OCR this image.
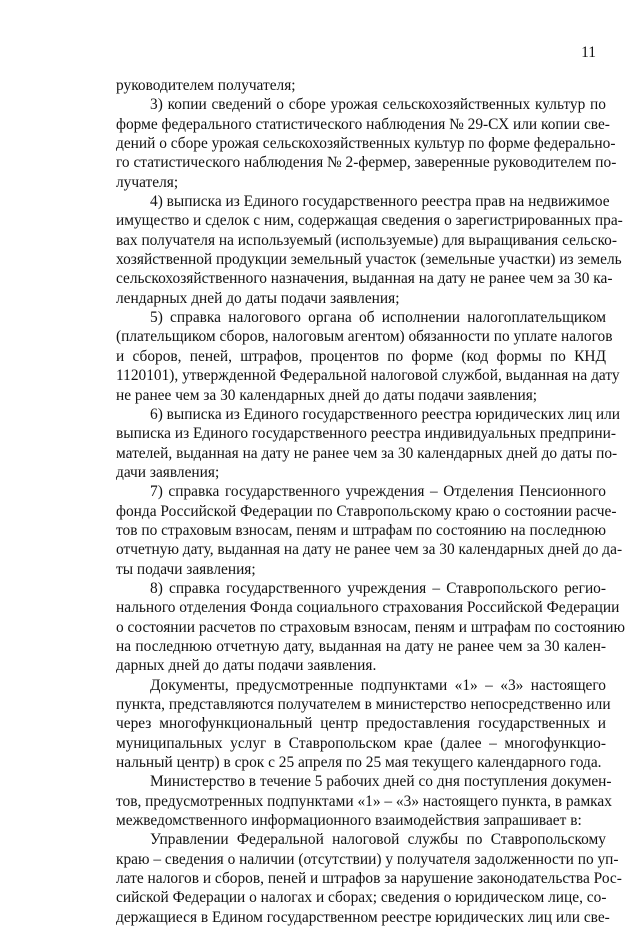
11
руководителем получателя;
3) копии сведений о сборе урожая сельскохозяйственных культур по
форме федерального статистического наблюдения № 29-СХ или копии све-
дений о сборе урожая сельскохозяйственных культур по форме федерально-
го статистического наблюдения № 2-фермер, заверенные руководителем по-
лучателя;
4) выписка из Единого государственного реестра прав на недвижимое
имущество и сделок с ним, содержащая сведения о зарегистрированных пра-
вах получателя на используемый (используемые) для выращивания сельско-
хозяйственной продукции земельный участок (земельные участки) из земель
сельскохозяйственного назначения, выданная на дату не ранее чем за 30 ка-
лендарных дней до даты подачи заявления;
5) справка налогового органа об исполнении налогоплательщиком
(плательщиком сборов, налоговым агентом) обязанности по уплате налогов
и сборов, пеней, штрафов, процентов по форме (код формы по КНД
1120101), утвержденной Федеральной налоговой службой, выданная на дату
не ранее чем за 30 календарных дней до даты подачи заявления;
6) выписка из Единого государственного реестра юридических лиц или
выписка из Единого государственного реестра индивидуальных предприни-
мателей, выданная на дату не ранее чем за 30 календарных дней до даты по-
дачи заявления;
7) справка государственного учреждения – Отделения Пенсионного
фонда Российской Федерации по Ставропольскому краю о состоянии расче-
тов по страховым взносам, пеням и штрафам по состоянию на последнюю
отчетную дату, выданная на дату не ранее чем за 30 календарных дней до да-
ты подачи заявления;
8) справка государственного учреждения – Ставропольского регио-
нального отделения Фонда социального страхования Российской Федерации
о состоянии расчетов по страховым взносам, пеням и штрафам по состоянию
на последнюю отчетную дату, выданная на дату не ранее чем за 30 кален-
дарных дней до даты подачи заявления.
Документы, предусмотренные подпунктами «1» – «3» настоящего
пункта, представляются получателем в министерство непосредственно или
через многофункциональный центр предоставления государственных и
муниципальных услуг в Ставропольском крае (далее – многофункцио-
нальный центр) в срок с 25 апреля по 25 мая текущего календарного года.
Министерство в течение 5 рабочих дней со дня поступления докумен-
тов, предусмотренных подпунктами «1» – «3» настоящего пункта, в рамках
межведомственного информационного взаимодействия запрашивает в:
Управлении Федеральной налоговой службы по Ставропольскому
краю – сведения о наличии (отсутствии) у получателя задолженности по уп-
лате налогов и сборов, пеней и штрафов за нарушение законодательства Рос-
сийской Федерации о налогах и сборах; сведения о юридическом лице, со-
держащиеся в Едином государственном реестре юридических лиц или све-
